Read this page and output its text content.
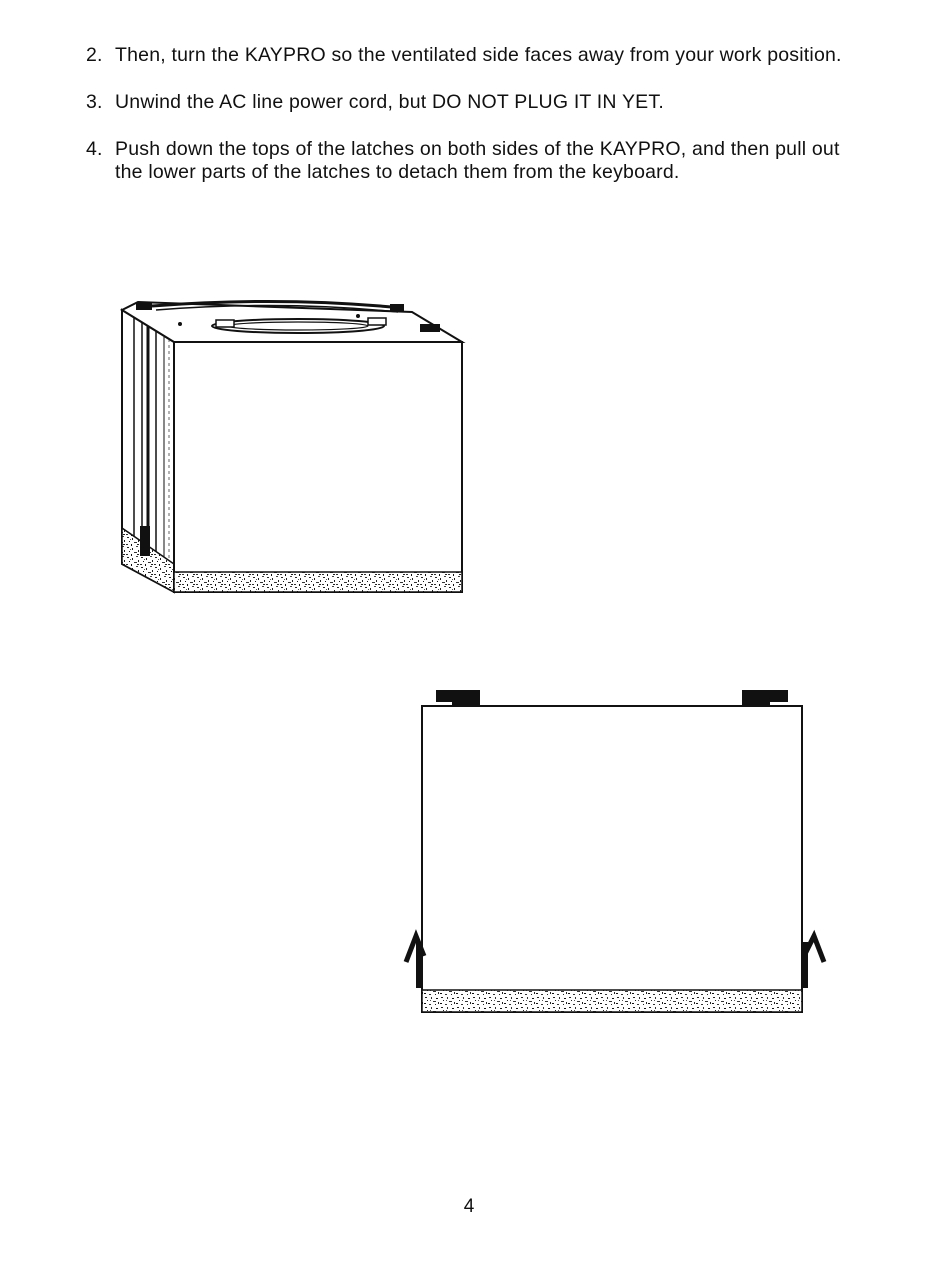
2. Then, turn the KAYPRO so the ventilated side faces away from your work position.
3. Unwind the AC line power cord, but DO NOT PLUG IT IN YET.
4. Push down the tops of the latches on both sides of the KAYPRO, and then pull out the lower parts of the latches to detach them from the keyboard.
4
